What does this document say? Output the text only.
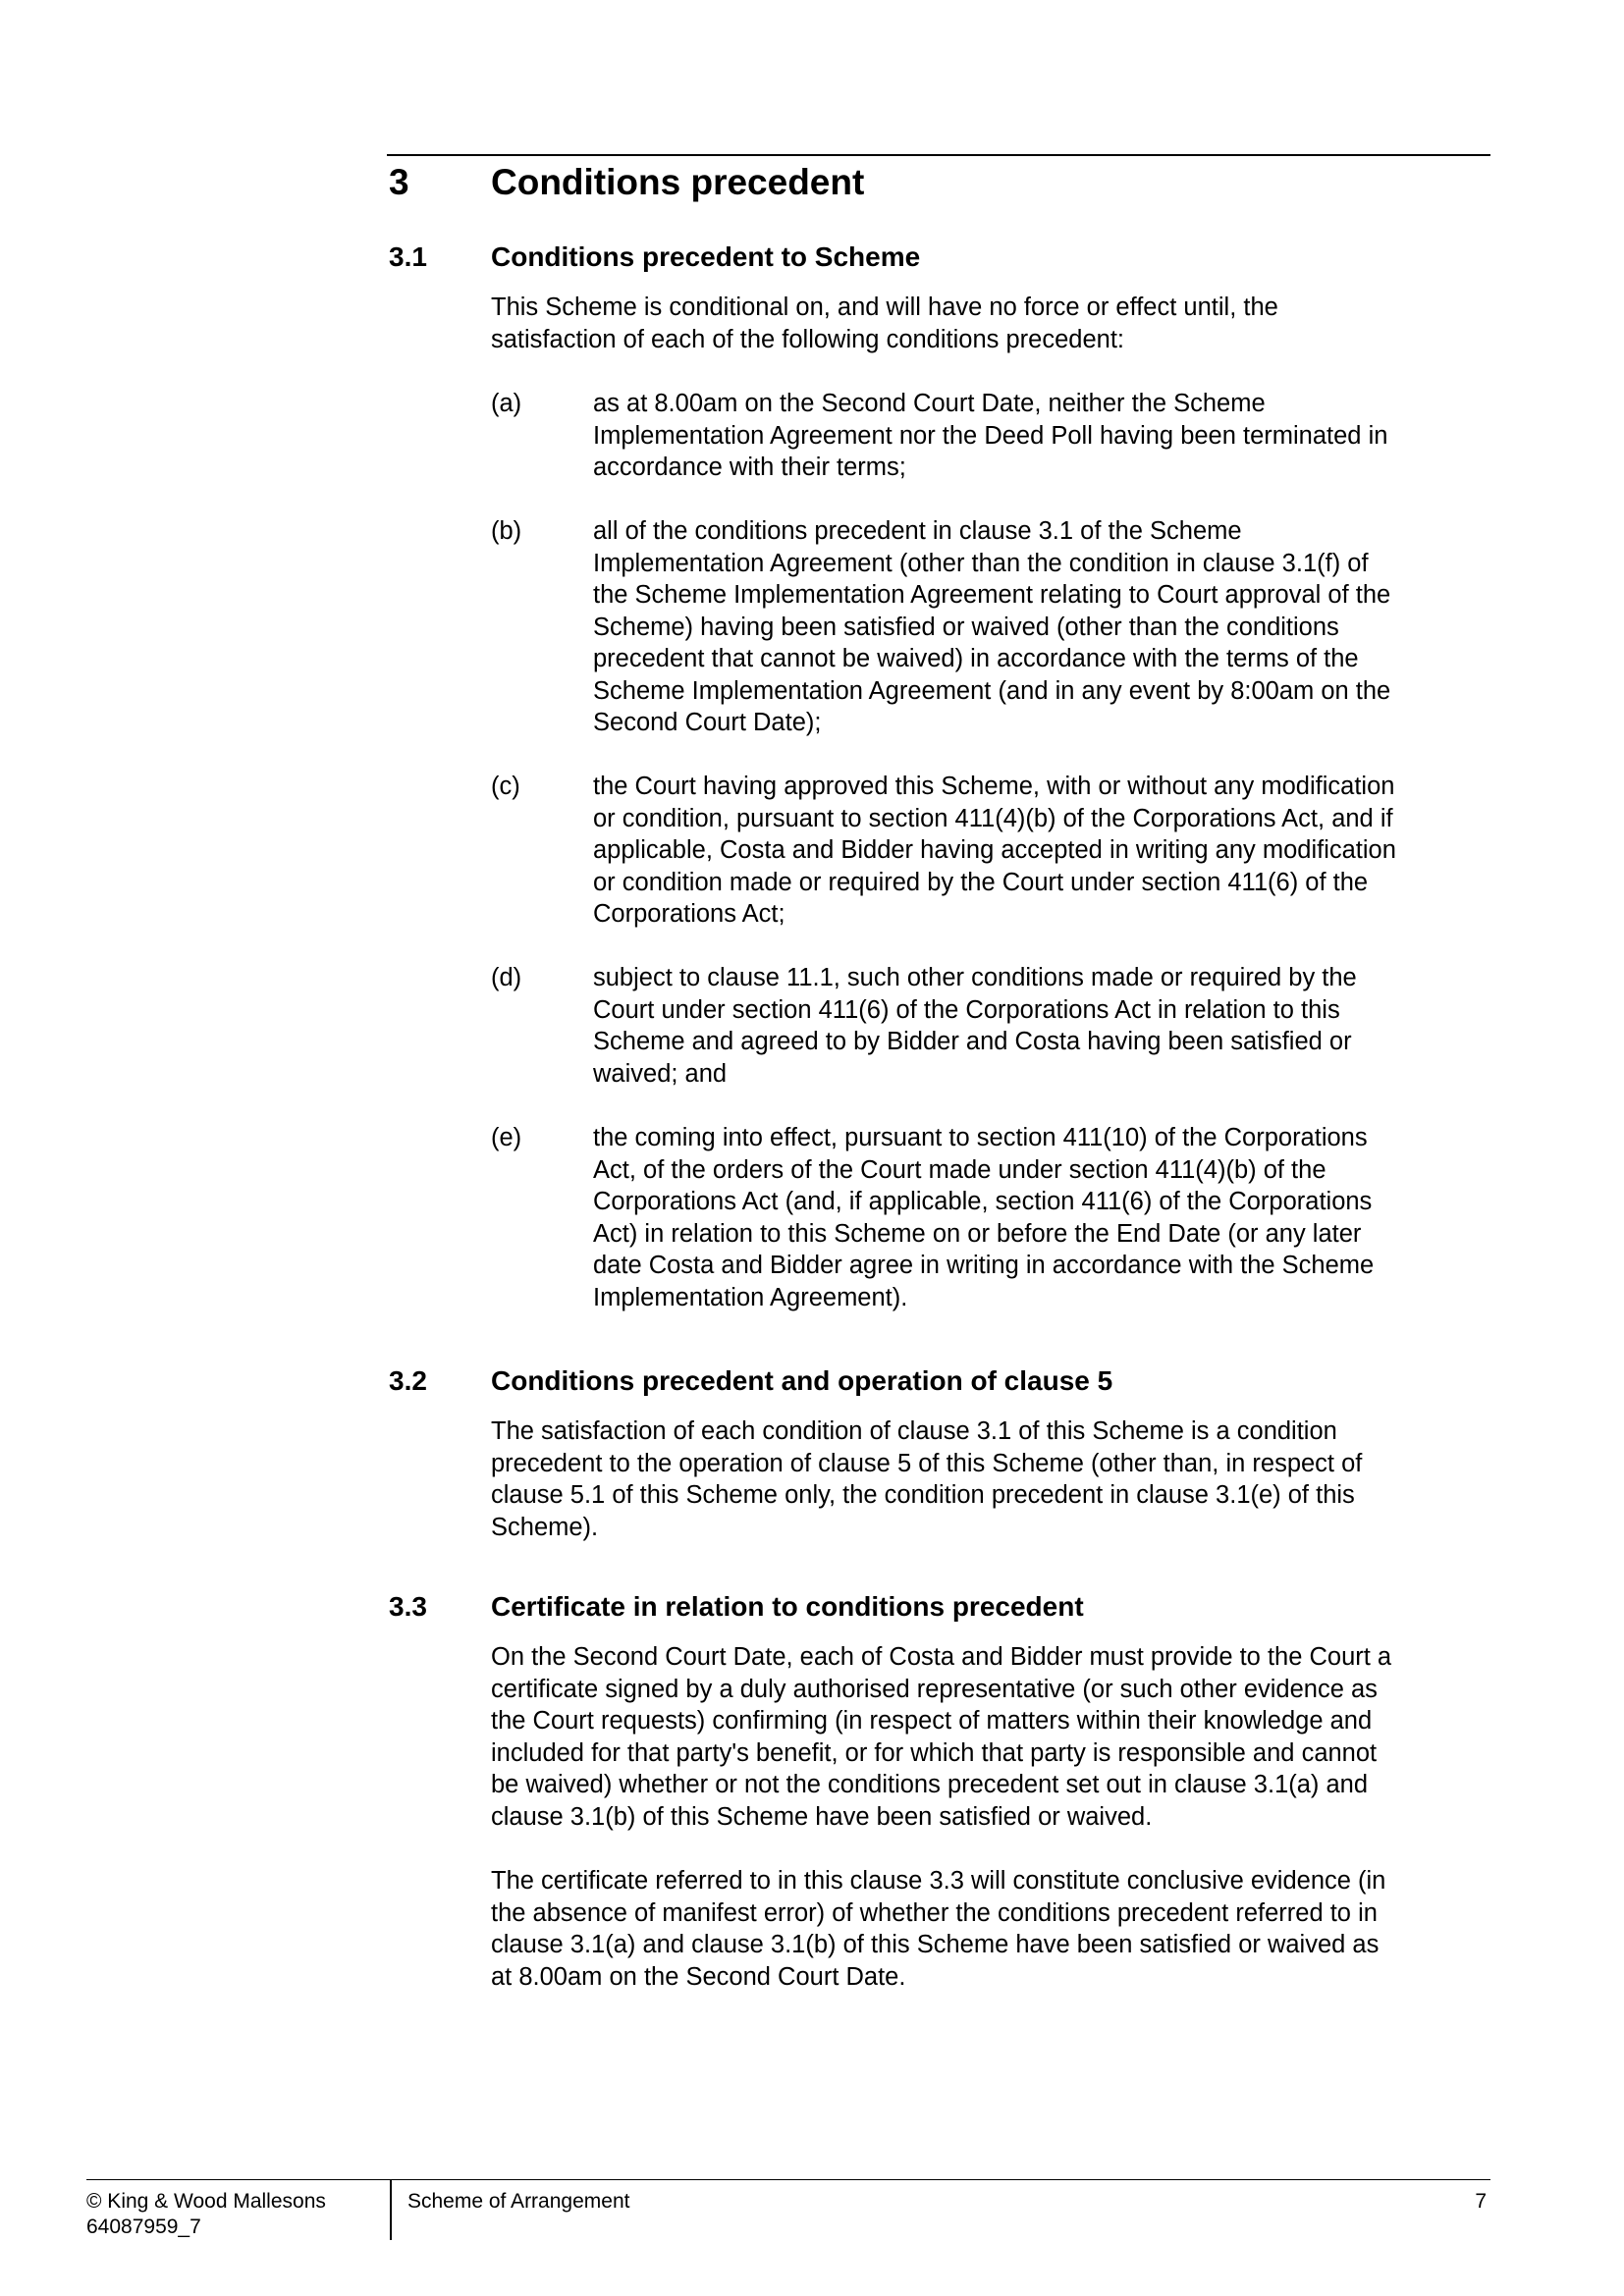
3	Conditions precedent
3.1	Conditions precedent to Scheme
This Scheme is conditional on, and will have no force or effect until, the
satisfaction of each of the following conditions precedent:
(a)	as at 8.00am on the Second Court Date, neither the Scheme
Implementation Agreement nor the Deed Poll having been terminated in
accordance with their terms;
(b)	all of the conditions precedent in clause 3.1 of the Scheme
Implementation Agreement (other than the condition in clause 3.1(f) of
the Scheme Implementation Agreement relating to Court approval of the
Scheme) having been satisfied or waived (other than the conditions
precedent that cannot be waived) in accordance with the terms of the
Scheme Implementation Agreement (and in any event by 8:00am on the
Second Court Date);
(c)	the Court having approved this Scheme, with or without any modification
or condition, pursuant to section 411(4)(b) of the Corporations Act, and if
applicable, Costa and Bidder having accepted in writing any modification
or condition made or required by the Court under section 411(6) of the
Corporations Act;
(d)	subject to clause 11.1, such other conditions made or required by the
Court under section 411(6) of the Corporations Act in relation to this
Scheme and agreed to by Bidder and Costa having been satisfied or
waived; and
(e)	the coming into effect, pursuant to section 411(10) of the Corporations
Act, of the orders of the Court made under section 411(4)(b) of the
Corporations Act (and, if applicable, section 411(6) of the Corporations
Act) in relation to this Scheme on or before the End Date (or any later
date Costa and Bidder agree in writing in accordance with the Scheme
Implementation Agreement).
3.2	Conditions precedent and operation of clause 5
The satisfaction of each condition of clause 3.1 of this Scheme is a condition
precedent to the operation of clause 5 of this Scheme (other than, in respect of
clause 5.1 of this Scheme only, the condition precedent in clause 3.1(e) of this
Scheme).
3.3	Certificate in relation to conditions precedent
On the Second Court Date, each of Costa and Bidder must provide to the Court a
certificate signed by a duly authorised representative (or such other evidence as
the Court requests) confirming (in respect of matters within their knowledge and
included for that party's benefit, or for which that party is responsible and cannot
be waived) whether or not the conditions precedent set out in clause 3.1(a) and
clause 3.1(b) of this Scheme have been satisfied or waived.
The certificate referred to in this clause 3.3 will constitute conclusive evidence (in
the absence of manifest error) of whether the conditions precedent referred to in
clause 3.1(a) and clause 3.1(b) of this Scheme have been satisfied or waived as
at 8.00am on the Second Court Date.
© King & Wood Mallesons
64087959_7
Scheme of Arrangement	7
